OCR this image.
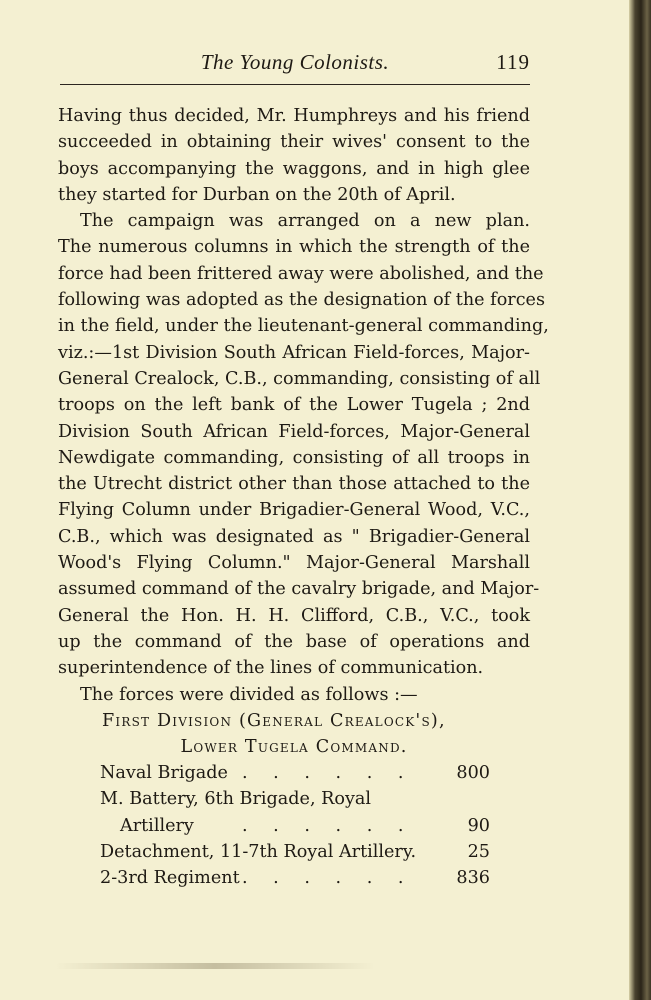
The Young Colonists.	119
Having thus decided, Mr. Humphreys and his friend
succeeded in obtaining their wives' consent to the
boys accompanying the waggons, and in high glee
they started for Durban on the 20th of April.
The campaign was arranged on a new plan.
The numerous columns in which the strength of the
force had been frittered away were abolished, and the
following was adopted as the designation of the forces
in the field, under the lieutenant-general commanding,
viz.:—1st Division South African Field-forces, Major-
General Crealock, C.B., commanding, consisting of all
troops on the left bank of the Lower Tugela ; 2nd
Division South African Field-forces, Major-General
Newdigate commanding, consisting of all troops in
the Utrecht district other than those attached to the
Flying Column under Brigadier-General Wood, V.C.,
C.B., which was designated as " Brigadier-General
Wood's Flying Column." Major-General Marshall
assumed command of the cavalry brigade, and Major-
General the Hon. H. H. Clifford, C.B., V.C., took
up the command of the base of operations and
superintendence of the lines of communication.
The forces were divided as follows :—
First Division (General Crealock's),
Lower Tugela Command.
Naval Brigade . . . . . . 800
M. Battery, 6th Brigade, Royal
Artillery	. . . . . .	90
Detachment, 11-7th Royal Artillery.	25
2-3rd Regiment . . . . . . 836
